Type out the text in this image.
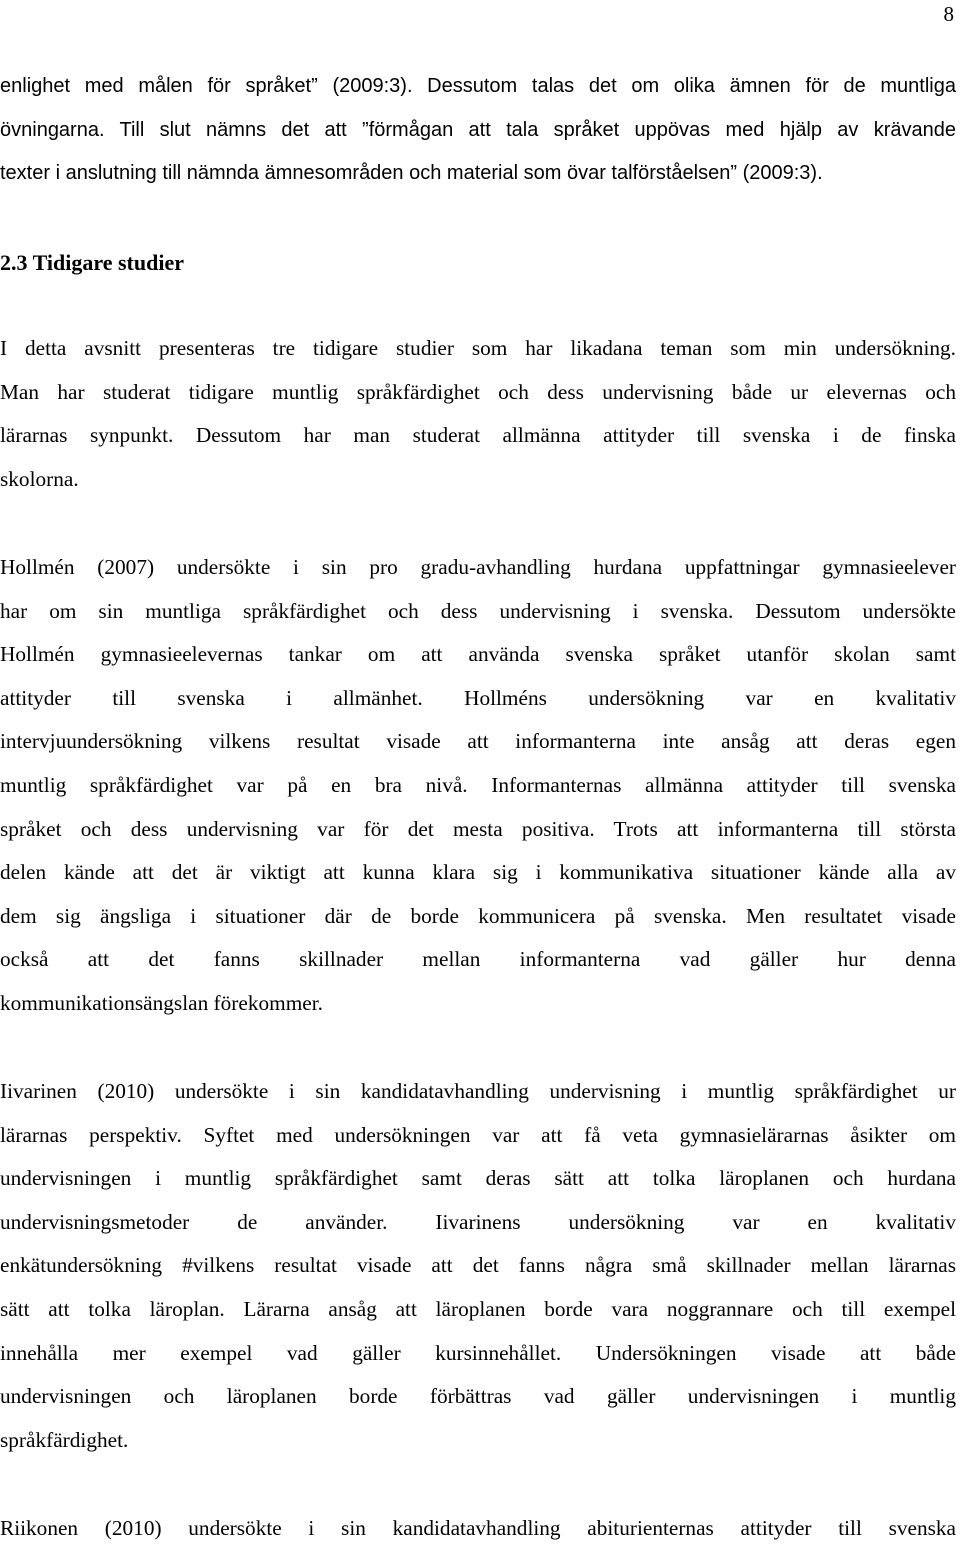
8
enlighet med målen för språket” (2009:3). Dessutom talas det om olika ämnen för de muntliga
övningarna. Till slut nämns det att ”förmågan att tala språket uppövas med hjälp av krävande
texter i anslutning till nämnda ämnesområden och material som övar talförståelsen” (2009:3).
2.3 Tidigare studier
I detta avsnitt presenteras tre tidigare studier som har likadana teman som min undersökning.
Man har studerat tidigare muntlig språkfärdighet och dess undervisning både ur elevernas och
lärarnas synpunkt. Dessutom har man studerat allmänna attityder till svenska i de finska
skolorna.
Hollmén (2007) undersökte i sin pro gradu-avhandling hurdana uppfattningar gymnasieelever
har om sin muntliga språkfärdighet och dess undervisning i svenska. Dessutom undersökte
Hollmén gymnasieelevernas tankar om att använda svenska språket utanför skolan samt
attityder till svenska i allmänhet. Hollméns undersökning var en kvalitativ
intervjuundersökning vilkens resultat visade att informanterna inte ansåg att deras egen
muntlig språkfärdighet var på en bra nivå. Informanternas allmänna attityder till svenska
språket och dess undervisning var för det mesta positiva. Trots att informanterna till största
delen kände att det är viktigt att kunna klara sig i kommunikativa situationer kände alla av
dem sig ängsliga i situationer där de borde kommunicera på svenska. Men resultatet visade
också att det fanns skillnader mellan informanterna vad gäller hur denna
kommunikationsängslan förekommer.
Iivarinen (2010) undersökte i sin kandidatavhandling undervisning i muntlig språkfärdighet ur
lärarnas perspektiv. Syftet med undersökningen var att få veta gymnasielärarnas åsikter om
undervisningen i muntlig språkfärdighet samt deras sätt att tolka läroplanen och hurdana
undervisningsmetoder de använder. Iivarinens undersökning var en kvalitativ
enkätundersökning #vilkens resultat visade att det fanns några små skillnader mellan lärarnas
sätt att tolka läroplan. Lärarna ansåg att läroplanen borde vara noggrannare och till exempel
innehålla mer exempel vad gäller kursinnehållet. Undersökningen visade att både
undervisningen och läroplanen borde förbättras vad gäller undervisningen i muntlig
språkfärdighet.
Riikonen (2010) undersökte i sin kandidatavhandling abiturienternas attityder till svenska
